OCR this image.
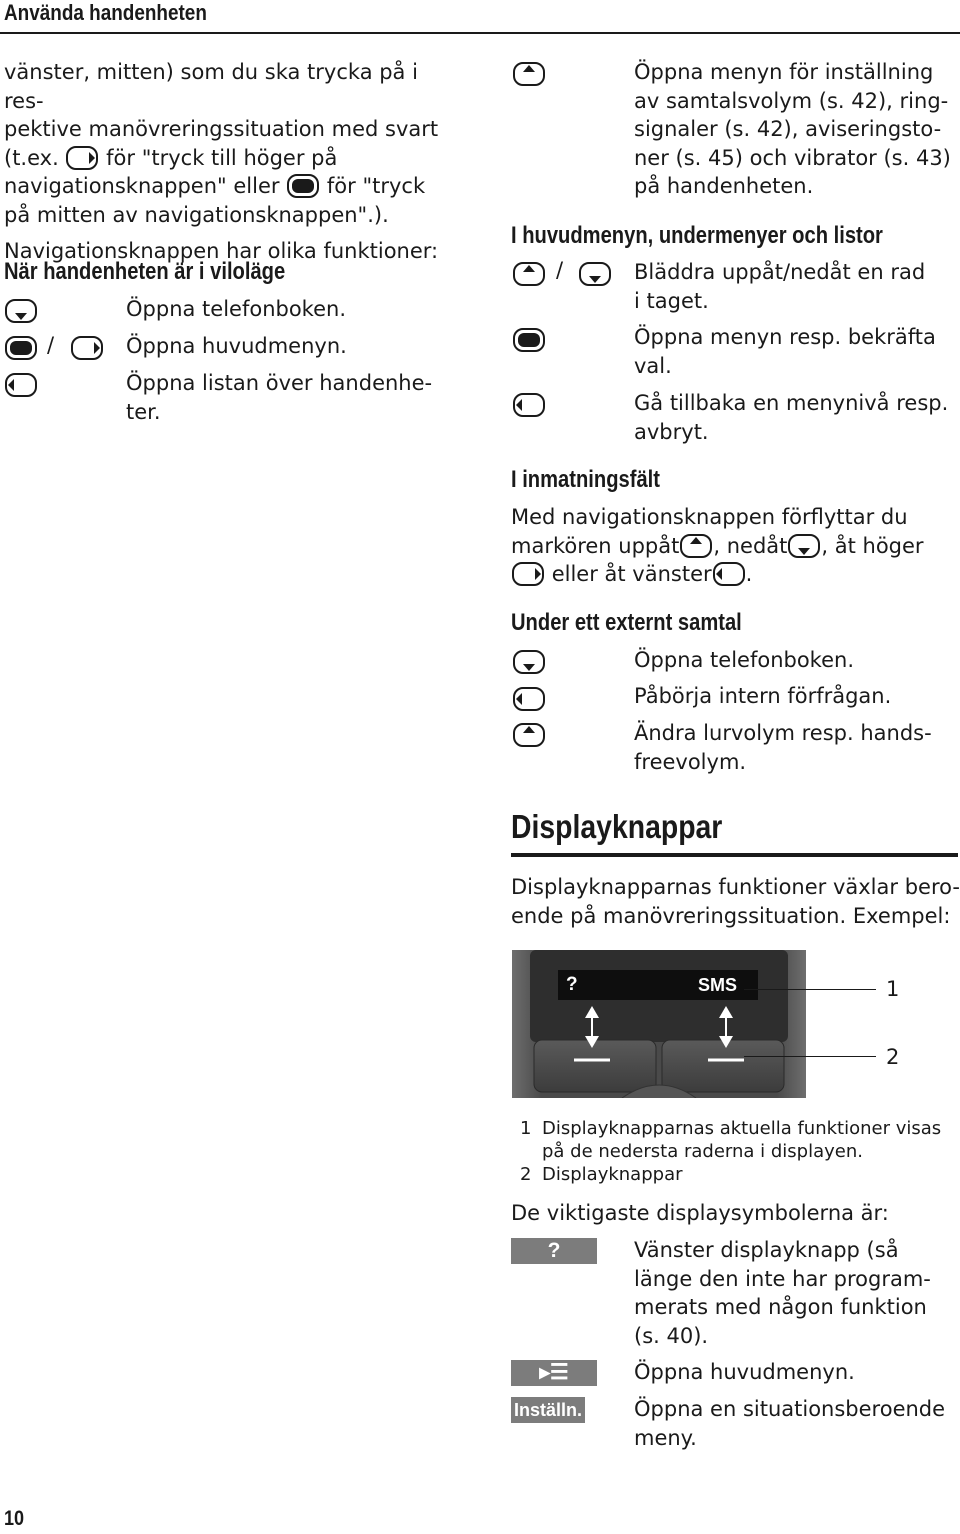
Använda handenheten
vänster, mitten) som du ska trycka på i res-
pektive manövreringssituation med svart
(t.ex. för "tryck till höger på
navigationsknappen" eller för "tryck
på mitten av navigationsknappen".).
Navigationsknappen har olika funktioner:
När handenheten är i viloläge
Öppna telefonboken.
/	Öppna huvudmenyn.
Öppna listan över handenhe-
ter.
Öppna menyn för inställning
av samtalsvolym (s. 42), ring-
signaler (s. 42), aviseringsto-
ner (s. 45) och vibrator (s. 43)
på handenheten.
I huvudmenyn, undermenyer och listor
/	Bläddra uppåt/nedåt en rad
i taget.
Öppna menyn resp. bekräfta
val.
Gå tillbaka en menynivå resp.
avbryt.
I inmatningsfält
Med navigationsknappen förflyttar du
markören uppåt , nedåt , åt höger
eller åt vänster .
Under ett externt samtal
Öppna telefonboken.
Påbörja intern förfrågan.
Ändra lurvolym resp. hands-
freevolym.
Displayknappar
Displayknapparnas funktioner växlar bero-
ende på manövreringssituation. Exempel:
?	SMS	1
2
1 Displayknapparnas aktuella funktioner visas
på de nedersta raderna i displayen.
2 Displayknappar
De viktigaste displaysymbolerna är:
?	Vänster displayknapp (så
länge den inte har program-
merats med någon funktion
(s. 40).
▸☰	Öppna huvudmenyn.
Inställn. Öppna en situationsberoende
meny.
10
